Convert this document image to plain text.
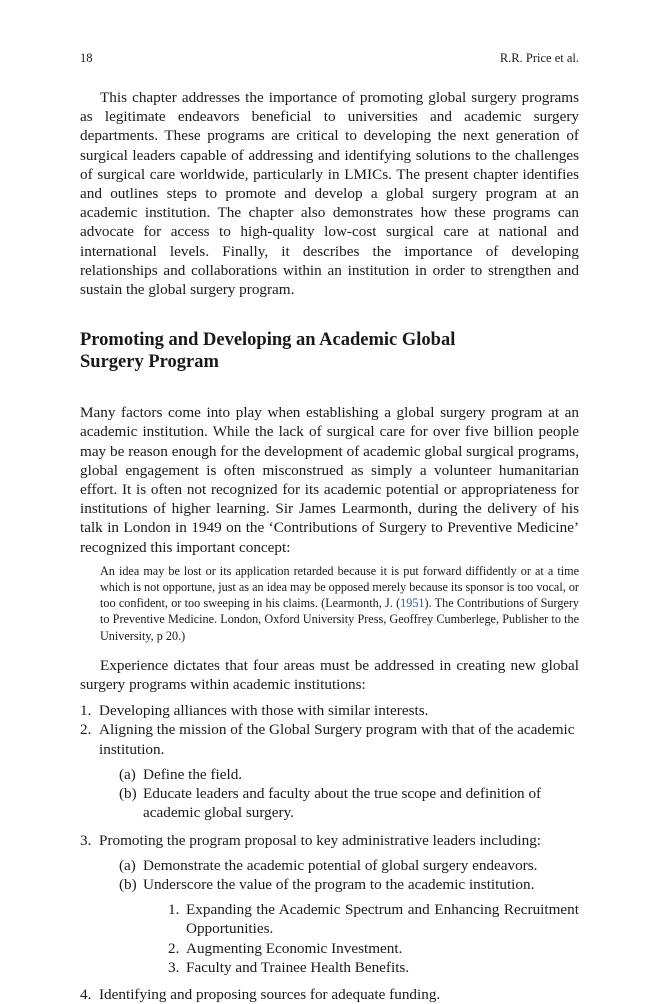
18	R.R. Price et al.

This chapter addresses the importance of promoting global surgery programs as legitimate endeavors beneficial to universities and academic surgery departments. These programs are critical to developing the next generation of surgical leaders capable of addressing and identifying solutions to the challenges of surgical care worldwide, particularly in LMICs. The present chapter identifies and outlines steps to promote and develop a global surgery program at an academic institution. The chapter also demonstrates how these programs can advocate for access to high-quality low-cost surgical care at national and international levels. Finally, it describes the importance of developing relationships and collaborations within an institution in order to strengthen and sustain the global surgery program.

Promoting and Developing an Academic Global Surgery Program

Many factors come into play when establishing a global surgery program at an academic institution. While the lack of surgical care for over five billion people may be reason enough for the development of academic global surgical programs, global engagement is often misconstrued as simply a volunteer humanitarian effort. It is often not recognized for its academic potential or appropriateness for institutions of higher learning. Sir James Learmonth, during the delivery of his talk in London in 1949 on the ‘Contributions of Surgery to Preventive Medicine’ recognized this important concept:

An idea may be lost or its application retarded because it is put forward diffidently or at a time which is not opportune, just as an idea may be opposed merely because its sponsor is too vocal, or too confident, or too sweeping in his claims. (Learmonth, J. (1951). The Contributions of Surgery to Preventive Medicine. London, Oxford University Press, Geoffrey Cumberlege, Publisher to the University, p 20.)

Experience dictates that four areas must be addressed in creating new global surgery programs within academic institutions:

1. Developing alliances with those with similar interests.
2. Aligning the mission of the Global Surgery program with that of the academic institution.
(a) Define the field.
(b) Educate leaders and faculty about the true scope and definition of academic global surgery.
3. Promoting the program proposal to key administrative leaders including:
(a) Demonstrate the academic potential of global surgery endeavors.
(b) Underscore the value of the program to the academic institution.
1. Expanding the Academic Spectrum and Enhancing Recruitment Opportunities.
2. Augmenting Economic Investment.
3. Faculty and Trainee Health Benefits.
4. Identifying and proposing sources for adequate funding.
